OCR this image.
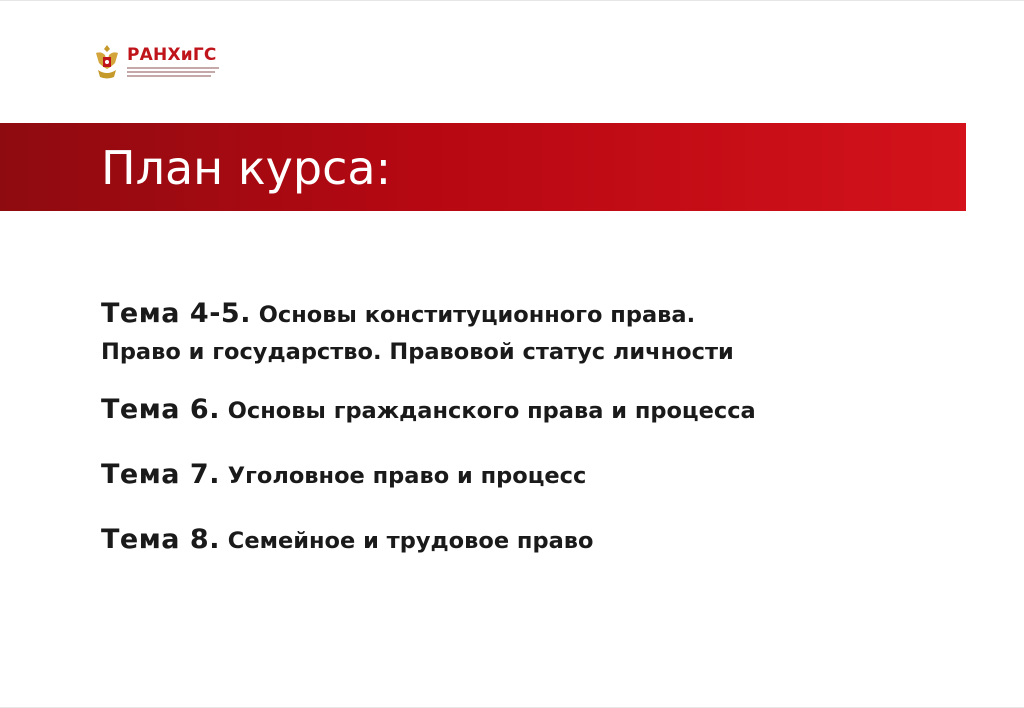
РАНХиГС
План курса:
Тема 4-5. Основы конституционного права.
Право и государство. Правовой статус личности
Тема 6. Основы гражданского права и процесса
Тема 7. Уголовное право и процесс
Тема 8. Семейное и трудовое право
